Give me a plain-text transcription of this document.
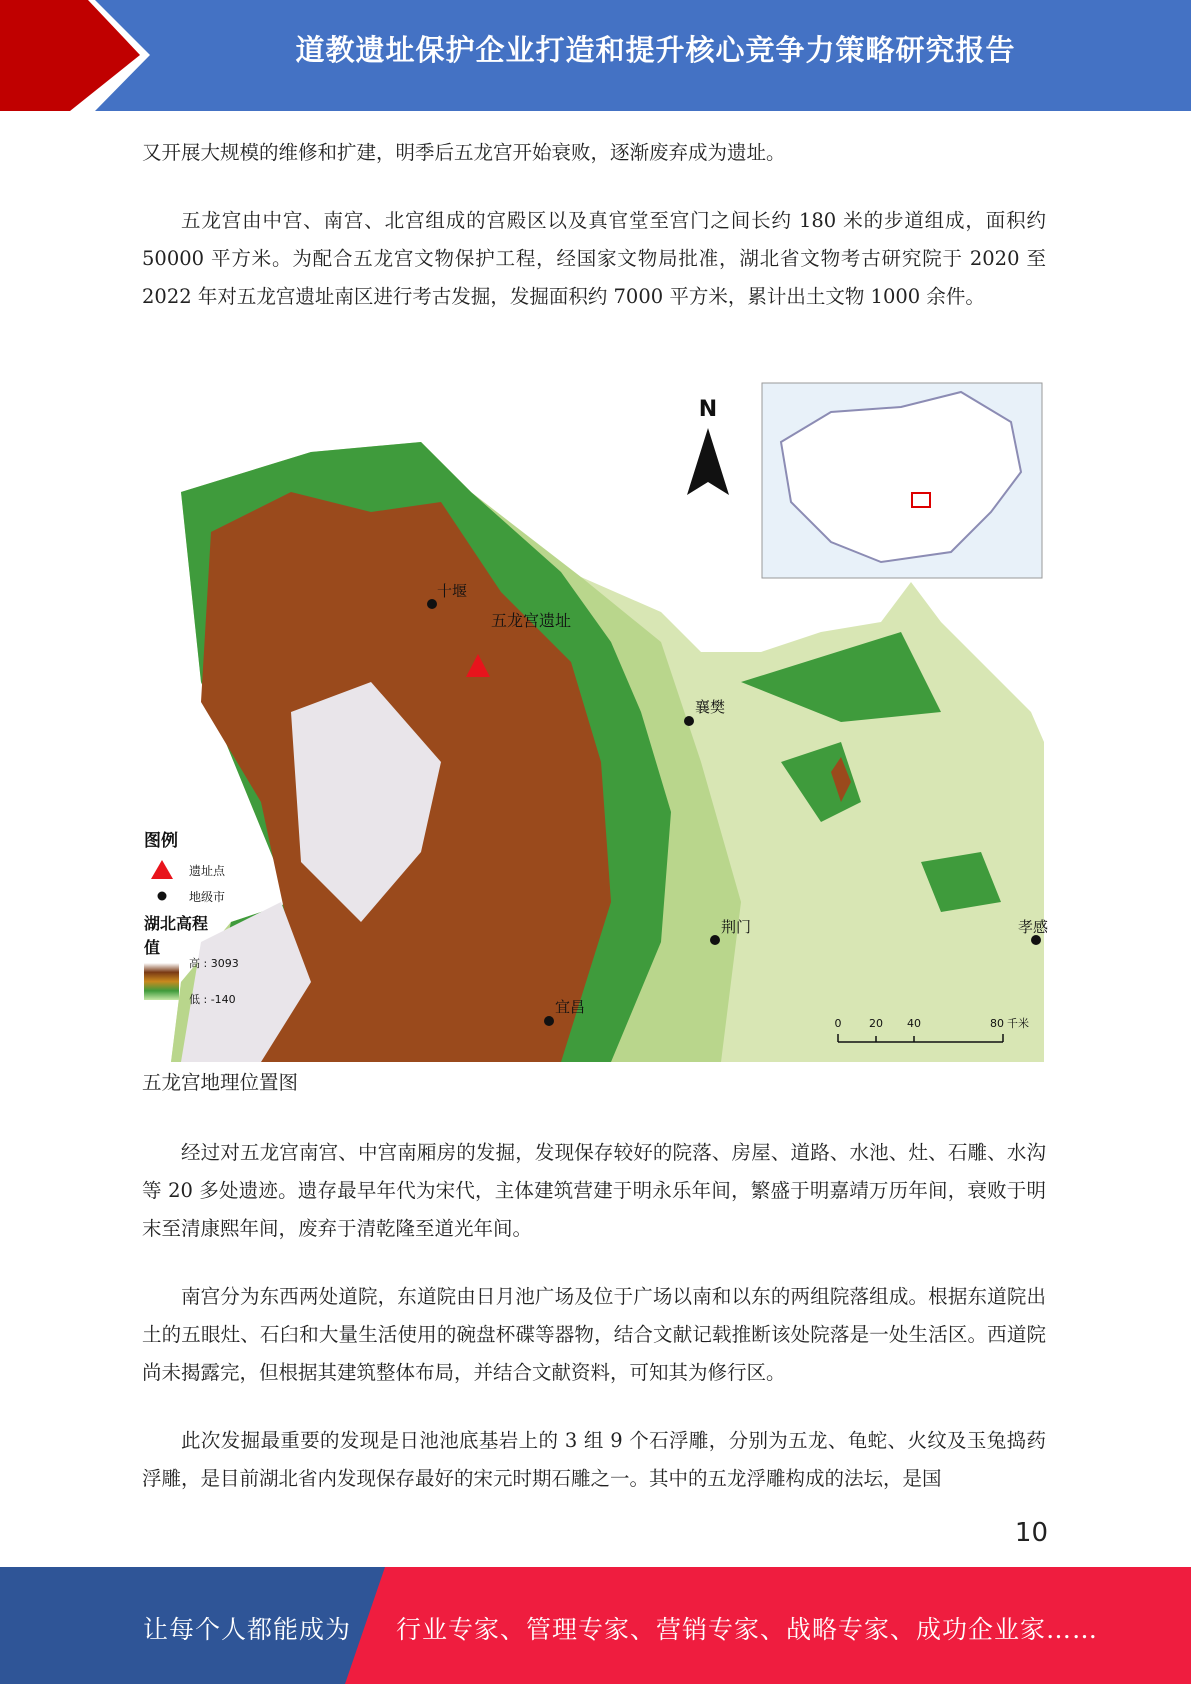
道教遗址保护企业打造和提升核心竞争力策略研究报告

又开展大规模的维修和扩建，明季后五龙宫开始衰败，逐渐废弃成为遗址。

五龙宫由中宫、南宫、北宫组成的宫殿区以及真官堂至宫门之间长约 180 米的步道组成，面积约 50000 平方米。为配合五龙宫文物保护工程，经国家文物局批准，湖北省文物考古研究院于 2020 至 2022 年对五龙宫遗址南区进行考古发掘，发掘面积约 7000 平方米，累计出土文物 1000 余件。

N
五龙宫遗址
十堰
襄樊
荆门
宜昌
孝感
图例
遗址点
地级市
湖北高程
值
高 : 3093
低 : -140
0	20 40	80 千米
五龙宫地理位置图

经过对五龙宫南宫、中宫南厢房的发掘，发现保存较好的院落、房屋、道路、水池、灶、石雕、水沟等 20 多处遗迹。遗存最早年代为宋代，主体建筑营建于明永乐年间，繁盛于明嘉靖万历年间，衰败于明末至清康熙年间，废弃于清乾隆至道光年间。

南宫分为东西两处道院，东道院由日月池广场及位于广场以南和以东的两组院落组成。根据东道院出土的五眼灶、石臼和大量生活使用的碗盘杯碟等器物，结合文献记载推断该处院落是一处生活区。西道院尚未揭露完，但根据其建筑整体布局，并结合文献资料，可知其为修行区。

此次发掘最重要的发现是日池池底基岩上的 3 组 9 个石浮雕，分别为五龙、龟蛇、火纹及玉兔捣药浮雕，是目前湖北省内发现保存最好的宋元时期石雕之一。其中的五龙浮雕构成的法坛，是国

10
让每个人都能成为 行业专家、管理专家、营销专家、战略专家、成功企业家……
